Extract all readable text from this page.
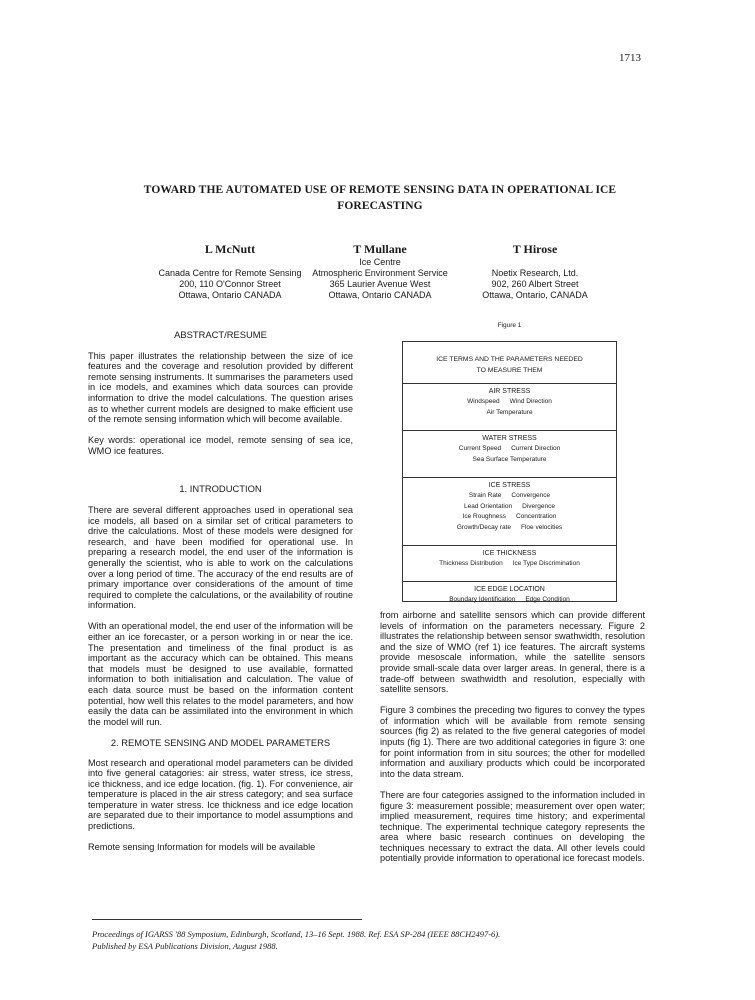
1713
TOWARD THE AUTOMATED USE OF REMOTE SENSING DATA IN OPERATIONAL ICE
FORECASTING
L McNutt
Canada Centre for Remote Sensing
200, 110 O'Connor Street
Ottawa, Ontario CANADA
T Mullane
Ice Centre
Atmospheric Environment Service
365 Laurier Avenue West
Ottawa, Ontario CANADA
T Hirose
Noetix Research, Ltd.
902, 260 Albert Street
Ottawa, Ontario, CANADA

ABSTRACT/RESUME

This paper illustrates the relationship between the size of ice features and the coverage and resolution provided by different remote sensing instruments. It summarises the parameters used in ice models, and examines which data sources can provide information to drive the model calculations. The question arises as to whether current models are designed to make efficient use of the remote sensing information which will become available.

Key words: operational ice model, remote sensing of sea ice, WMO ice features.

1. INTRODUCTION

There are several different approaches used in operational sea ice models, all based on a similar set of critical parameters to drive the calculations. Most of these models were designed for research, and have been modified for operational use. In preparing a research model, the end user of the information is generally the scientist, who is able to work on the calculations over a long period of time. The accuracy of the end results are of primary importance over considerations of the amount of time required to complete the calculations, or the availability of routine information.

With an operational model, the end user of the information will be either an ice forecaster, or a person working in or near the ice. The presentation and timeliness of the final product is as important as the accuracy which can be obtained. This means that models must be designed to use available, formatted information to both initialisation and calculation. The value of each data source must be based on the information content potential, how well this relates to the model parameters, and how easily the data can be assimilated into the environment in which the model will run.

2. REMOTE SENSING AND MODEL PARAMETERS

Most research and operational model parameters can be divided into five general catagories: air stress, water stress, ice stress, ice thickness, and ice edge location. (fig. 1). For convenience, air temperature is placed in the air stress category; and sea surface temperature in water stress. Ice thickness and ice edge location are separated due to their importance to model assumptions and predictions.

Remote sensing Information for models will be available

Figure 1
ICE TERMS AND THE PARAMETERS NEEDED
TO MEASURE THEM
AIR STRESS
Windspeed Wind Direction
Air Temperature
WATER STRESS
Current Speed Current Direction
Sea Surface Temperature
ICE STRESS
Strain Rate Convergence
Lead Orientation Divergence
Ice Roughness Concentration
Growth/Decay rate Floe velocities
ICE THICKNESS
Thickness Distribution Ice Type Discrimination
ICE EDGE LOCATION
Boundary Identification Edge Condition

from airborne and satellite sensors which can provide different levels of information on the parameters necessary. Figure 2 illustrates the relationship between sensor swathwidth, resolution and the size of WMO (ref 1) ice features. The aircraft systems provide mesoscale information, while the satellite sensors provide small-scale data over larger areas. In general, there is a trade-off between swathwidth and resolution, especially with satellite sensors.

Figure 3 combines the preceding two figures to convey the types of information which will be available from remote sensing sources (fig 2) as related to the five general categories of model inputs (fig 1). There are two additional categories in figure 3: one for point information from in situ sources; the other for modelled information and auxiliary products which could be incorporated into the data stream.

There are four categories assigned to the information included in figure 3: measurement possible; measurement over open water; implied measurement, requires time history; and experimental technique. The experimental technique category represents the area where basic research continues on developing the techniques necessary to extract the data. All other levels could potentially provide information to operational ice forecast models.

Proceedings of IGARSS '88 Symposium, Edinburgh, Scotland, 13–16 Sept. 1988. Ref. ESA SP-284 (IEEE 88CH2497-6).
Published by ESA Publications Division, August 1988.
